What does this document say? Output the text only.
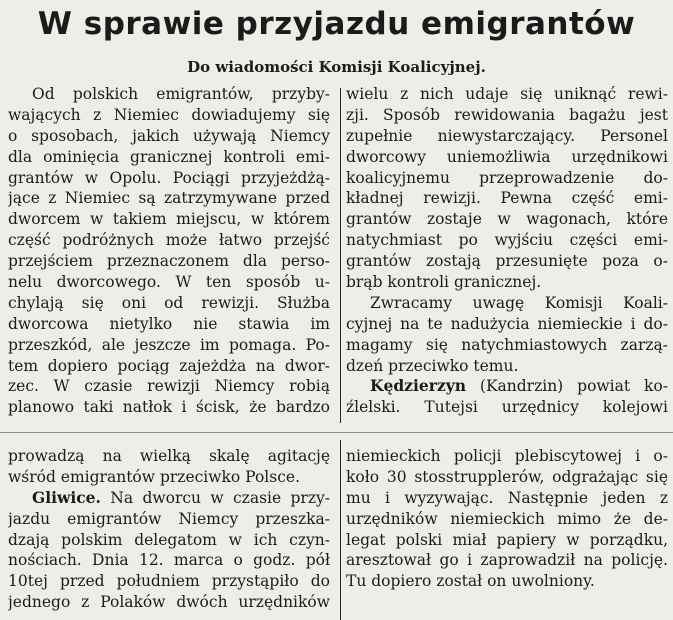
W sprawie przyjazdu emigrantów
Do wiadomości Komisji Koalicyjnej.
Od polskich emigrantów, przyby-
wających z Niemiec dowiadujemy się
o sposobach, jakich używają Niemcy
dla ominięcia granicznej kontroli emi-
grantów w Opolu. Pociągi przyjeżdżą-
jące z Niemiec są zatrzymywane przed
dworcem w takiem miejscu, w którem
część podróżnych może łatwo przejść
przejściem przeznaczonem dla perso-
nelu dworcowego. W ten sposób u-
chylają się oni od rewizji. Służba
dworcowa nietylko nie stawia im
przeszkód, ale jeszcze im pomaga. Po-
tem dopiero pociąg zajeżdża na dwor-
zec. W czasie rewizji Niemcy robią
planowo taki natłok i ścisk, że bardzo
wielu z nich udaje się uniknąć rewi-
zji. Sposób rewidowania bagażu jest
zupełnie niewystarczający. Personel
dworcowy uniemożliwia urzędnikowi
koalicyjnemu przeprowadzenie do-
kładnej rewizji. Pewna część emi-
grantów zostaje w wagonach, które
natychmiast po wyjściu części emi-
grantów zostają przesunięte poza o-
brąb kontroli granicznej.
Zwracamy uwagę Komisji Koali-
cyjnej na te nadużycia niemieckie i do-
magamy się natychmiastowych zarzą-
dzeń przeciwko temu.
Kędzierzyn (Kandrzin) powiat ko-
źlelski. Tutejsi urzędnicy kolejowi
prowadzą na wielką skalę agitację
wśród emigrantów przeciwko Polsce.
Gliwice. Na dworcu w czasie przy-
jazdu emigrantów Niemcy przeszka-
dzają polskim delegatom w ich czyn-
nościach. Dnia 12. marca o godz. pół
10tej przed południem przystąpiło do
jednego z Polaków dwóch urzędników
niemieckich policji plebiscytowej i o-
koło 30 stosstrupplerów, odgrażając się
mu i wyzywając. Następnie jeden z
urzędników niemieckich mimo że de-
legat polski miał papiery w porządku,
aresztował go i zaprowadził na policję.
Tu dopiero został on uwolniony.
